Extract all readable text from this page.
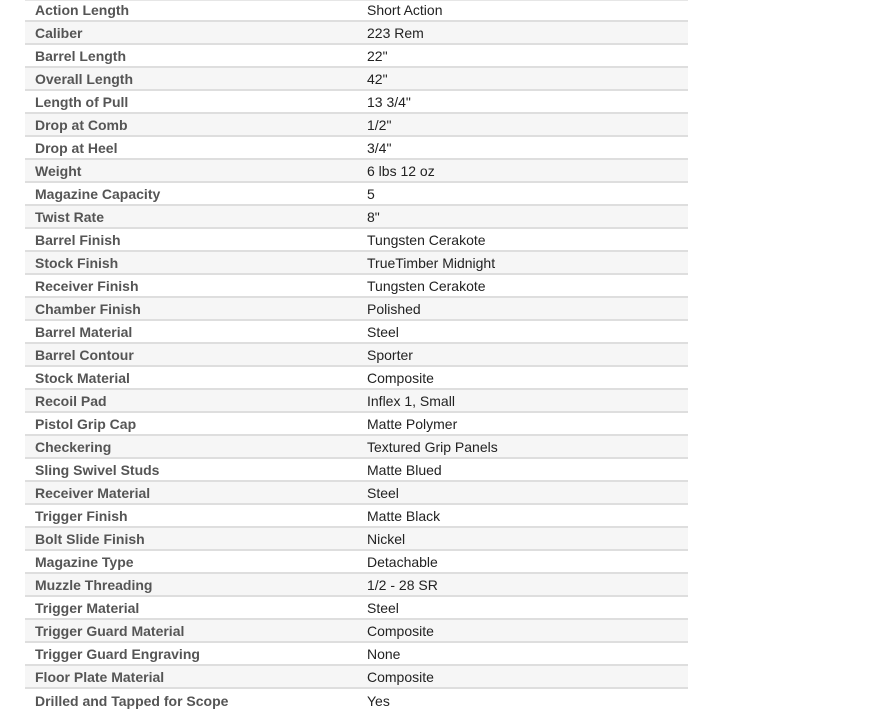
Action Length	Short Action
Caliber	223 Rem
Barrel Length	22"
Overall Length	42"
Length of Pull	13 3/4"
Drop at Comb	1/2"
Drop at Heel	3/4"
Weight	6 lbs 12 oz
Magazine Capacity	5
Twist Rate	8"
Barrel Finish	Tungsten Cerakote
Stock Finish	TrueTimber Midnight
Receiver Finish	Tungsten Cerakote
Chamber Finish	Polished
Barrel Material	Steel
Barrel Contour	Sporter
Stock Material	Composite
Recoil Pad	Inflex 1, Small
Pistol Grip Cap	Matte Polymer
Checkering	Textured Grip Panels
Sling Swivel Studs	Matte Blued
Receiver Material	Steel
Trigger Finish	Matte Black
Bolt Slide Finish	Nickel
Magazine Type	Detachable
Muzzle Threading	1/2 - 28 SR
Trigger Material	Steel
Trigger Guard Material	Composite
Trigger Guard Engraving	None
Floor Plate Material	Composite
Drilled and Tapped for Scope	Yes
